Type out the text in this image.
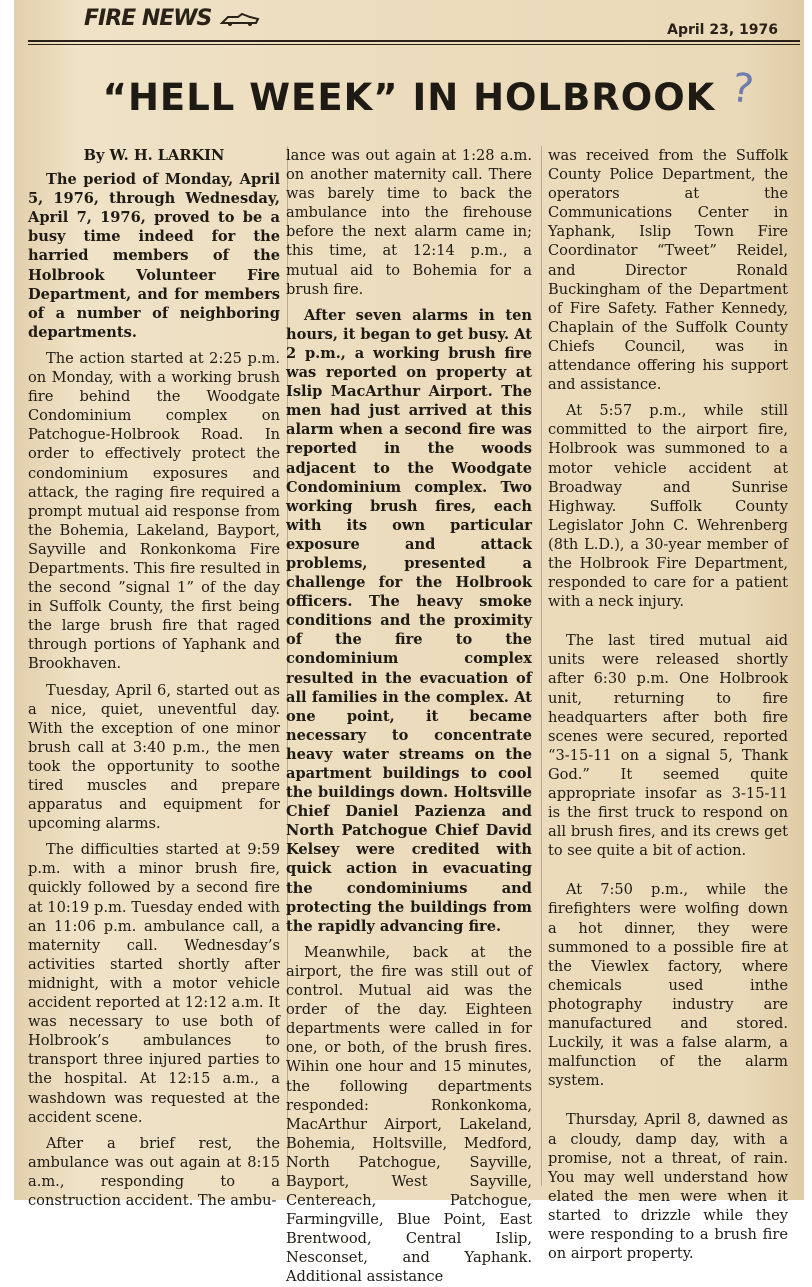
FIRE NEWS	April 23, 1976
“HELL WEEK” IN HOLBROOK ?
By W. H. LARKIN

The period of Monday, April 5, 1976, through Wednesday, April 7, 1976, proved to be a busy time indeed for the harried members of the Holbrook Volunteer Fire Department, and for members of a number of neighboring departments.

The action started at 2:25 p.m. on Monday, with a working brush fire behind the Woodgate Condominium complex on Patchogue-Holbrook Road. In order to effectively protect the condominium exposures and attack, the raging fire required a prompt mutual aid response from the Bohemia, Lakeland, Bayport, Sayville and Ronkonkoma Fire Departments. This fire resulted in the second ”signal 1” of the day in Suffolk County, the first being the large brush fire that raged through portions of Yaphank and Brookhaven.

Tuesday, April 6, started out as a nice, quiet, uneventful day. With the exception of one minor brush call at 3:40 p.m., the men took the opportunity to soothe tired muscles and prepare apparatus and equipment for upcoming alarms.

The difficulties started at 9:59 p.m. with a minor brush fire, quickly followed by a second fire at 10:19 p.m. Tuesday ended with an 11:06 p.m. ambulance call, a maternity call. Wednesday’s activities started shortly after midnight, with a motor vehicle accident reported at 12:12 a.m. It was necessary to use both of Holbrook’s ambulances to transport three injured parties to the hospital. At 12:15 a.m., a washdown was requested at the accident scene.

After a brief rest, the ambulance was out again at 8:15 a.m., responding to a construction accident. The ambu-

lance was out again at 1:28 a.m. on another maternity call. There was barely time to back the ambulance into the firehouse before the next alarm came in; this time, at 12:14 p.m., a mutual aid to Bohemia for a brush fire.

After seven alarms in ten hours, it began to get busy. At 2 p.m., a working brush fire was reported on property at Islip MacArthur Airport. The men had just arrived at this alarm when a second fire was reported in the woods adjacent to the Woodgate Condominium complex. Two working brush fires, each with its own particular exposure and attack problems, presented a challenge for the Holbrook officers. The heavy smoke conditions and the proximity of the fire to the condominium complex resulted in the evacuation of all families in the complex. At one point, it became necessary to concentrate heavy water streams on the apartment buildings to cool the buildings down. Holtsville Chief Daniel Pazienza and North Patchogue Chief David Kelsey were credited with quick action in evacuating the condominiums and protecting the buildings from the rapidly advancing fire.

Meanwhile, back at the airport, the fire was still out of control. Mutual aid was the order of the day. Eighteen departments were called in for one, or both, of the brush fires. Wihin one hour and 15 minutes, the following departments responded: Ronkonkoma, MacArthur Airport, Lakeland, Bohemia, Holtsville, Medford, North Patchogue, Sayville, Bayport, West Sayville, Centereach, Patchogue, Farmingville, Blue Point, East Brentwood, Central Islip, Nesconset, and Yaphank. Additional assistance

was received from the Suffolk County Police Department, the operators at the Communications Center in Yaphank, Islip Town Fire Coordinator “Tweet” Reidel, and Director Ronald Buckingham of the Department of Fire Safety. Father Kennedy, Chaplain of the Suffolk County Chiefs Council, was in attendance offering his support and assistance.

At 5:57 p.m., while still committed to the airport fire, Holbrook was summoned to a motor vehicle accident at Broadway and Sunrise Highway. Suffolk County Legislator John C. Wehrenberg (8th L.D.), a 30-year member of the Holbrook Fire Department, responded to care for a patient with a neck injury.

The last tired mutual aid units were released shortly after 6:30 p.m. One Holbrook unit, returning to fire headquarters after both fire scenes were secured, reported “3-15-11 on a signal 5, Thank God.” It seemed quite appropriate insofar as 3-15-11 is the first truck to respond on all brush fires, and its crews get to see quite a bit of action.

At 7:50 p.m., while the firefighters were wolfing down a hot dinner, they were summoned to a possible fire at the Viewlex factory, where chemicals used inthe photography industry are manufactured and stored. Luckily, it was a false alarm, a malfunction of the alarm system.

Thursday, April 8, dawned as a cloudy, damp day, with a promise, not a threat, of rain. You may well understand how elated the men were when it started to drizzle while they were responding to a brush fire on airport property.
